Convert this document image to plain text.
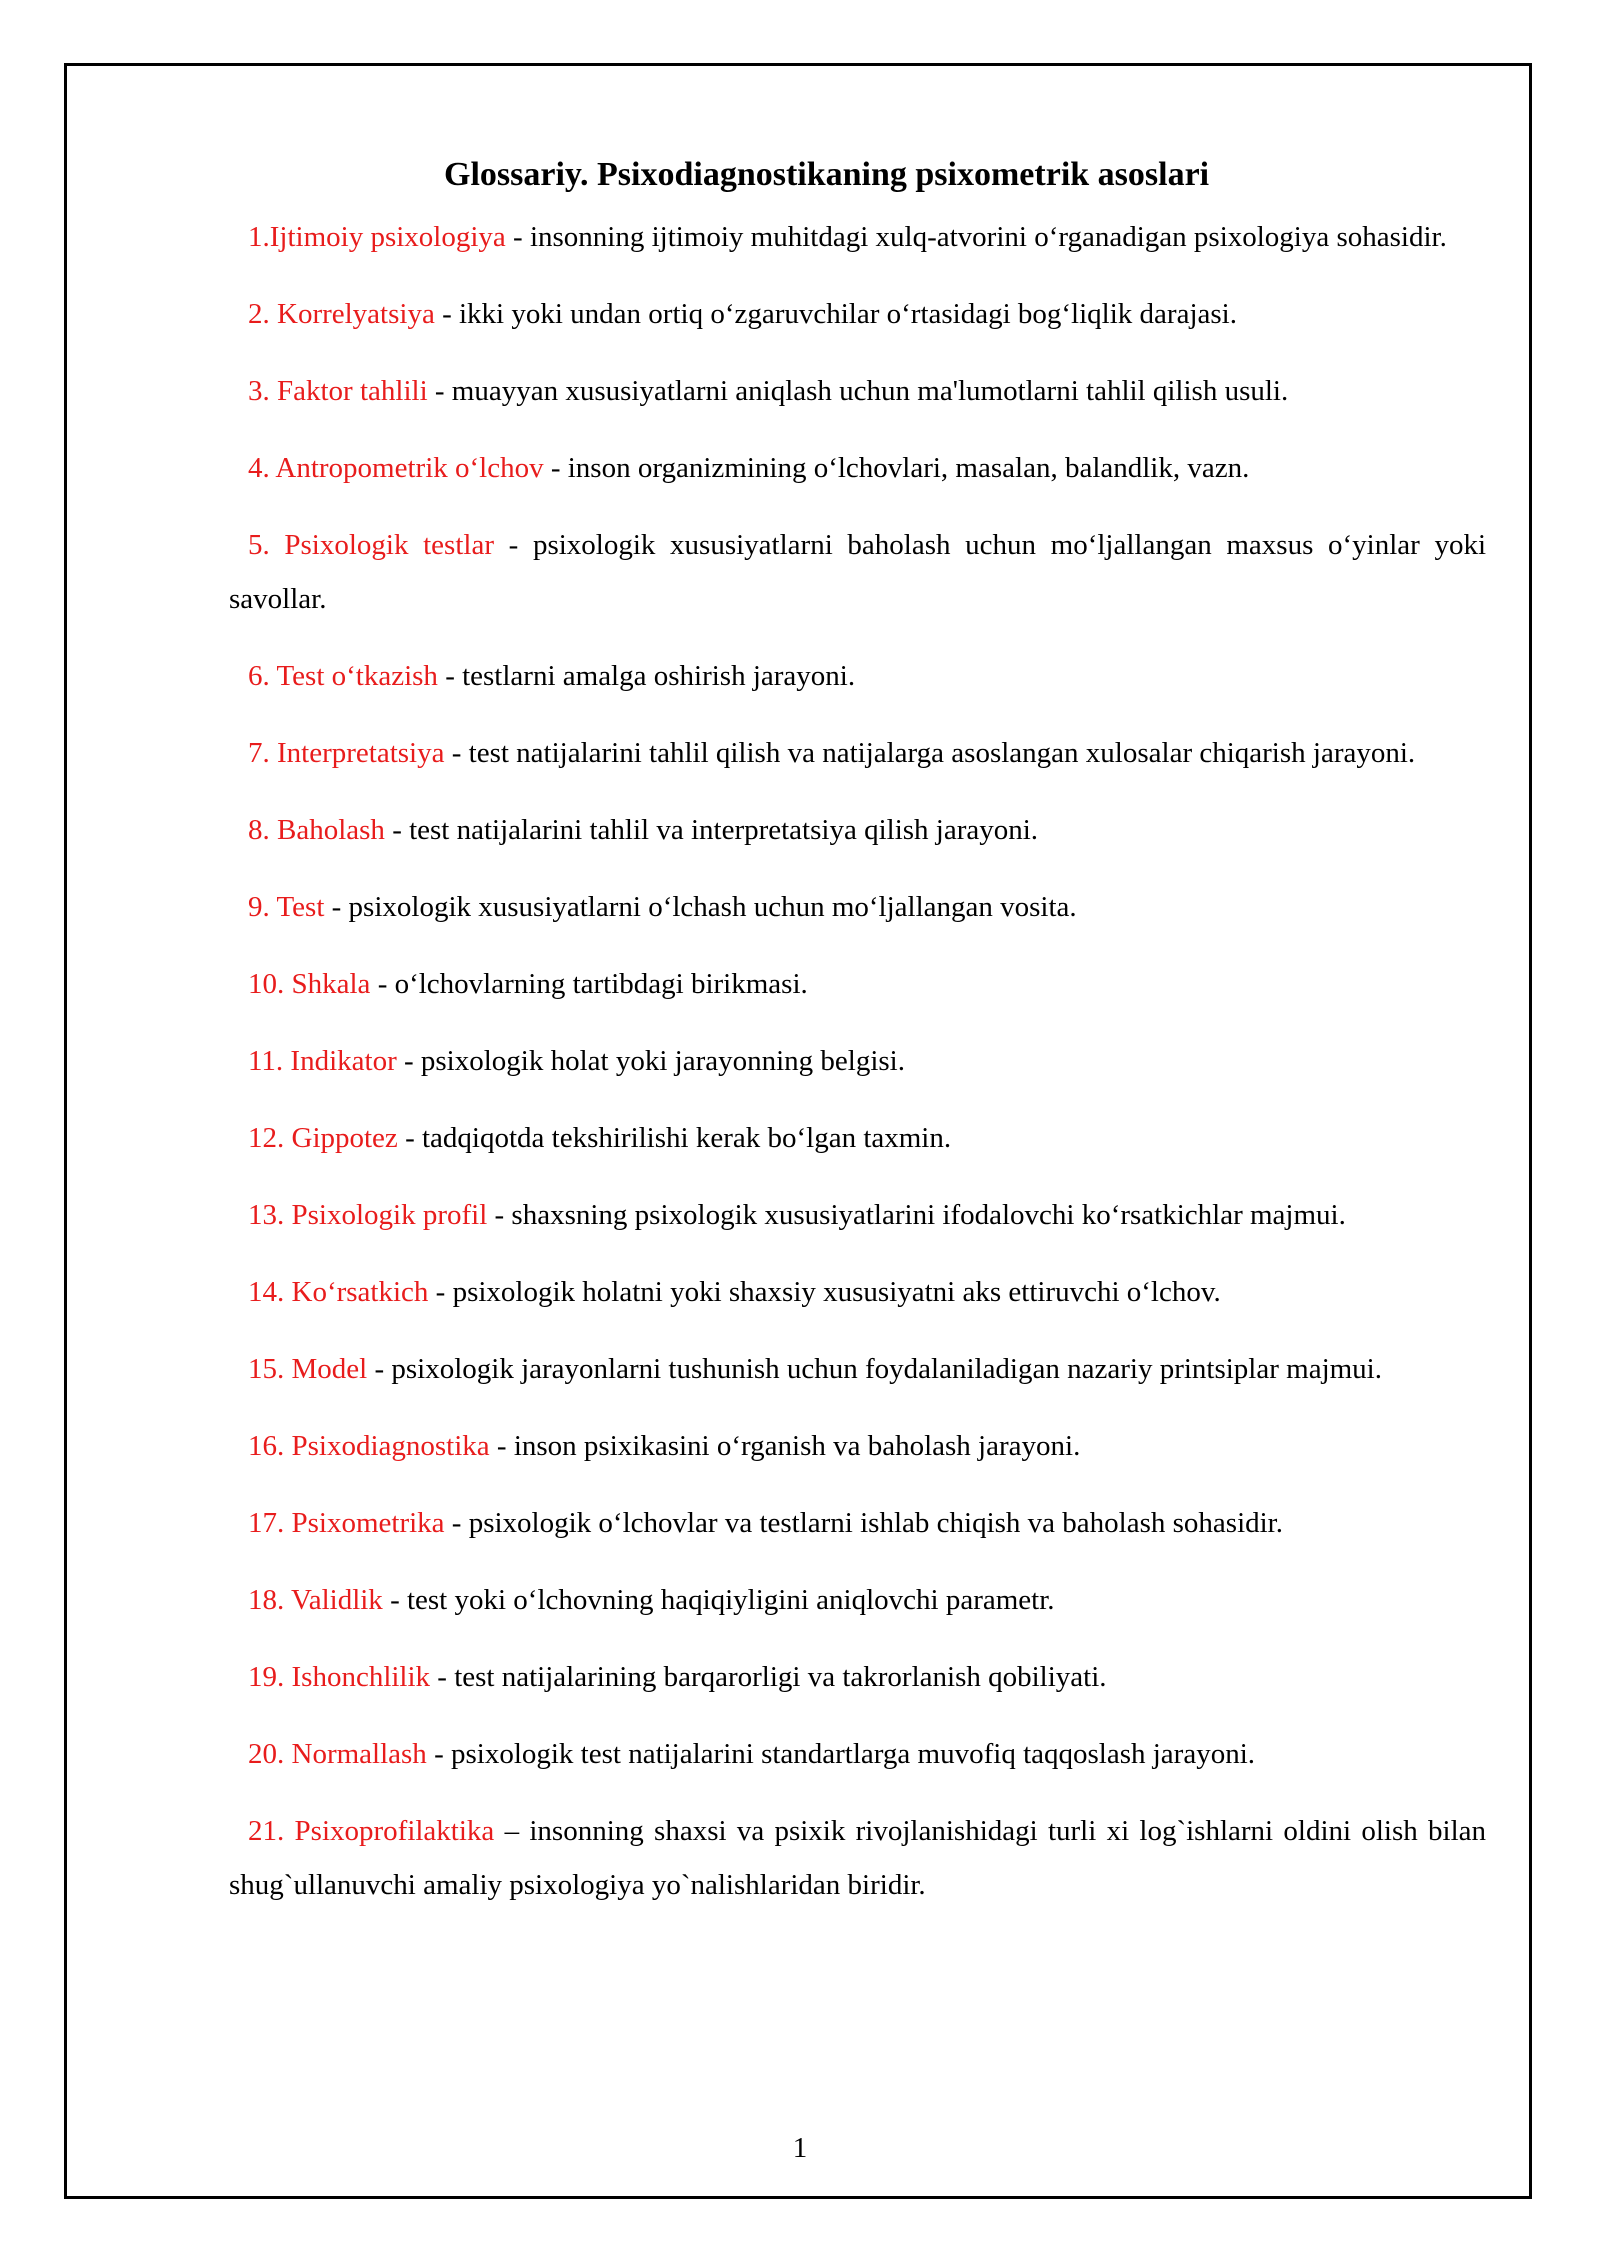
Glossariy. Psixodiagnostikaning psixometrik asoslari

1.Ijtimoiy psixologiya - insonning ijtimoiy muhitdagi xulq-atvorini o‘rganadigan psixologiya sohasidir.

2. Korrelyatsiya - ikki yoki undan ortiq o‘zgaruvchilar o‘rtasidagi bog‘liqlik darajasi.

3. Faktor tahlili - muayyan xususiyatlarni aniqlash uchun ma'lumotlarni tahlil qilish usuli.

4. Antropometrik o‘lchov - inson organizmining o‘lchovlari, masalan, balandlik, vazn.

5. Psixologik testlar - psixologik xususiyatlarni baholash uchun mo‘ljallangan maxsus o‘yinlar yoki savollar.

6. Test o‘tkazish - testlarni amalga oshirish jarayoni.

7. Interpretatsiya - test natijalarini tahlil qilish va natijalarga asoslangan xulosalar chiqarish jarayoni.

8. Baholash - test natijalarini tahlil va interpretatsiya qilish jarayoni.

9. Test - psixologik xususiyatlarni o‘lchash uchun mo‘ljallangan vosita.

10. Shkala - o‘lchovlarning tartibdagi birikmasi.

11. Indikator - psixologik holat yoki jarayonning belgisi.

12. Gippotez - tadqiqotda tekshirilishi kerak bo‘lgan taxmin.

13. Psixologik profil - shaxsning psixologik xususiyatlarini ifodalovchi ko‘rsatkichlar majmui.

14. Ko‘rsatkich - psixologik holatni yoki shaxsiy xususiyatni aks ettiruvchi o‘lchov.

15. Model - psixologik jarayonlarni tushunish uchun foydalaniladigan nazariy printsiplar majmui.

16. Psixodiagnostika - inson psixikasini o‘rganish va baholash jarayoni.

17. Psixometrika - psixologik o‘lchovlar va testlarni ishlab chiqish va baholash sohasidir.

18. Validlik - test yoki o‘lchovning haqiqiyligini aniqlovchi parametr.

19. Ishonchlilik - test natijalarining barqarorligi va takrorlanish qobiliyati.

20. Normallash - psixologik test natijalarini standartlarga muvofiq taqqoslash jarayoni.

21. Psixoprofilaktika – insonning shaxsi va psixik rivojlanishidagi turli xi log`ishlarni oldini olish bilan shug`ullanuvchi amaliy psixologiya yo`nalishlaridan biridir.

1
